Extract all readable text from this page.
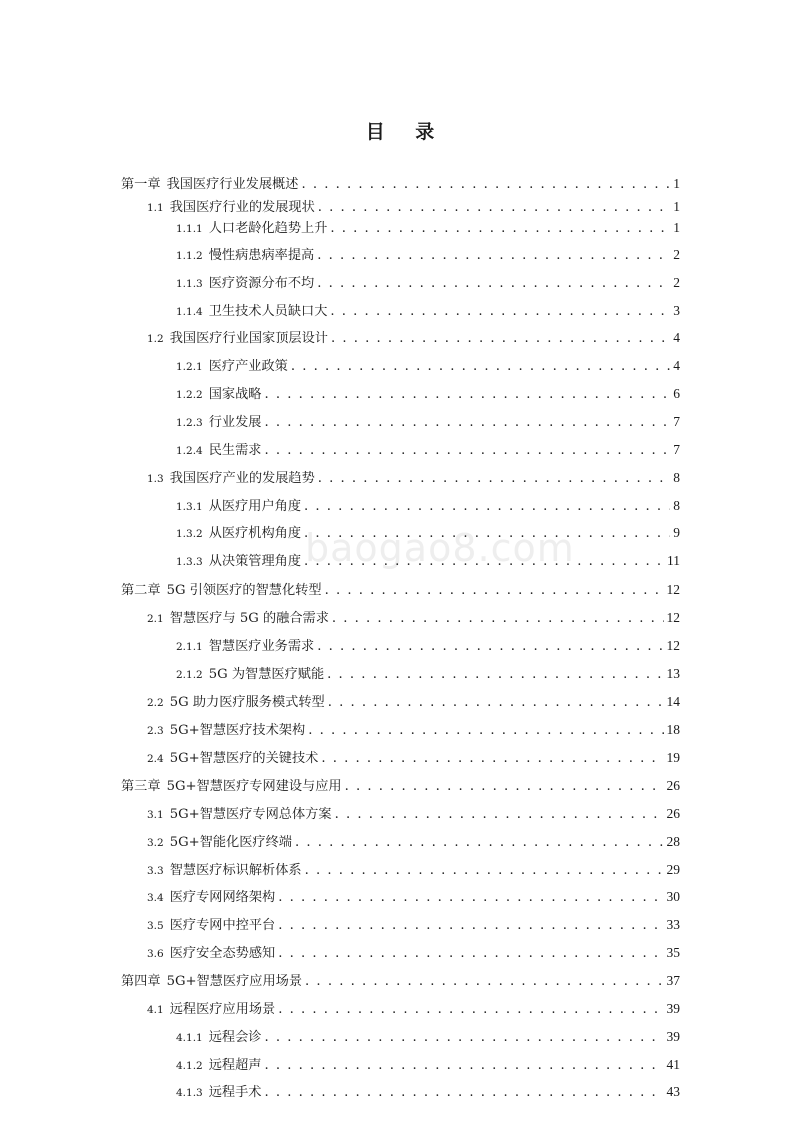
目 录
baogao8.com
第一章 我国医疗行业发展概述 . . .	1
1.1 我国医疗行业的发展现状 . . .	1
1.1.1 人口老龄化趋势上升 . . .	1
1.1.2 慢性病患病率提高 . . .	2
1.1.3 医疗资源分布不均 . . .	2
1.1.4 卫生技术人员缺口大 . . .	3
1.2 我国医疗行业国家顶层设计 . . .	4
1.2.1 医疗产业政策 . . .	4
1.2.2 国家战略 . . .	6
1.2.3 行业发展 . . .	7
1.2.4 民生需求 . . .	7
1.3 我国医疗产业的发展趋势 . . .	8
1.3.1 从医疗用户角度 . . .	8
1.3.2 从医疗机构角度 . . .	9
1.3.3 从决策管理角度 . . .	11
第二章 5G 引领医疗的智慧化转型 . . .	12
2.1 智慧医疗与 5G 的融合需求 . . .	12
2.1.1 智慧医疗业务需求 . . .	12
2.1.2 5G 为智慧医疗赋能 . . .	13
2.2 5G 助力医疗服务模式转型 . . .	14
2.3 5G+智慧医疗技术架构 . . .	18
2.4 5G+智慧医疗的关键技术 . . .	19
第三章 5G+智慧医疗专网建设与应用 . . .	26
3.1 5G+智慧医疗专网总体方案 . . .	26
3.2 5G+智能化医疗终端 . . .	28
3.3 智慧医疗标识解析体系 . . .	29
3.4 医疗专网网络架构 . . .	30
3.5 医疗专网中控平台 . . .	33
3.6 医疗安全态势感知 . . .	35
第四章 5G+智慧医疗应用场景 . . .	37
4.1 远程医疗应用场景 . . .	39
4.1.1 远程会诊 . . .	39
4.1.2 远程超声 . . .	41
4.1.3 远程手术 . . .	43
